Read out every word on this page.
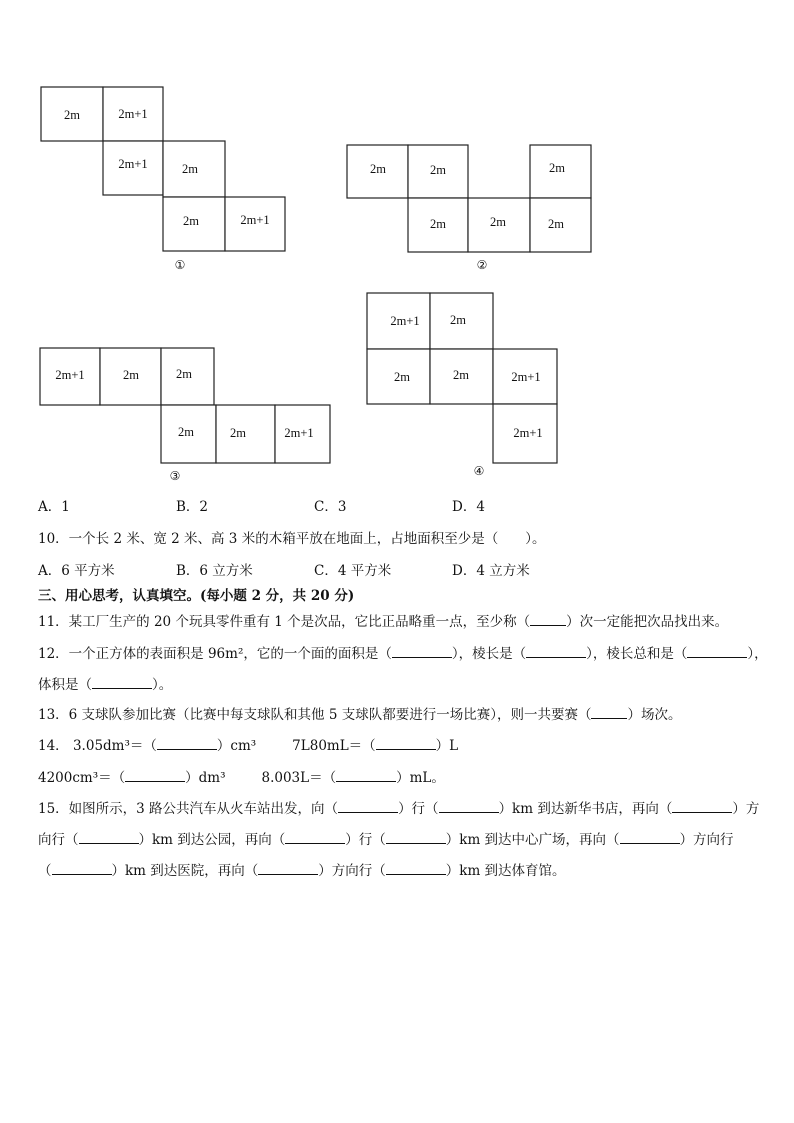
2m	2m+1
2m+1	2m
2m	2m+1
①
2m	2m	2m
2m	2m	2m
②
2m+1	2m	2m
2m	2m	2m+1
③
2m+1 2m
2m	2m	2m+1
2m+1
④
A．1	B．2	C．3	D．4
10．一个长 2 米、宽 2 米、高 3 米的木箱平放在地面上，占地面积至少是（　　）。
A．6 平方米	B．6 立方米	C．4 平方米	D．4 立方米
三、用心思考，认真填空。(每小题 2 分，共 20 分)
11．某工厂生产的 20 个玩具零件重有 1 个是次品，它比正品略重一点，至少称（	）次一定能把次品找出来。
12．一个正方体的表面积是 96m²，它的一个面的面积是（	），棱长是（	），棱长总和是（	），
体积是（	）。
13．6 支球队参加比赛（比赛中每支球队和其他 5 支球队都要进行一场比赛），则一共要赛（	）场次。
14． 3.05dm³＝（	）cm³	7L80mL＝（	）L
4200cm³＝（	）dm³	8.003L＝（	）mL。
15．如图所示，3 路公共汽车从火车站出发，向（	）行（	）km 到达新华书店，再向（	）方
向行（	）km 到达公园，再向（	）行（	）km 到达中心广场，再向（	）方向行
（	）km 到达医院，再向（	）方向行（	）km 到达体育馆。
